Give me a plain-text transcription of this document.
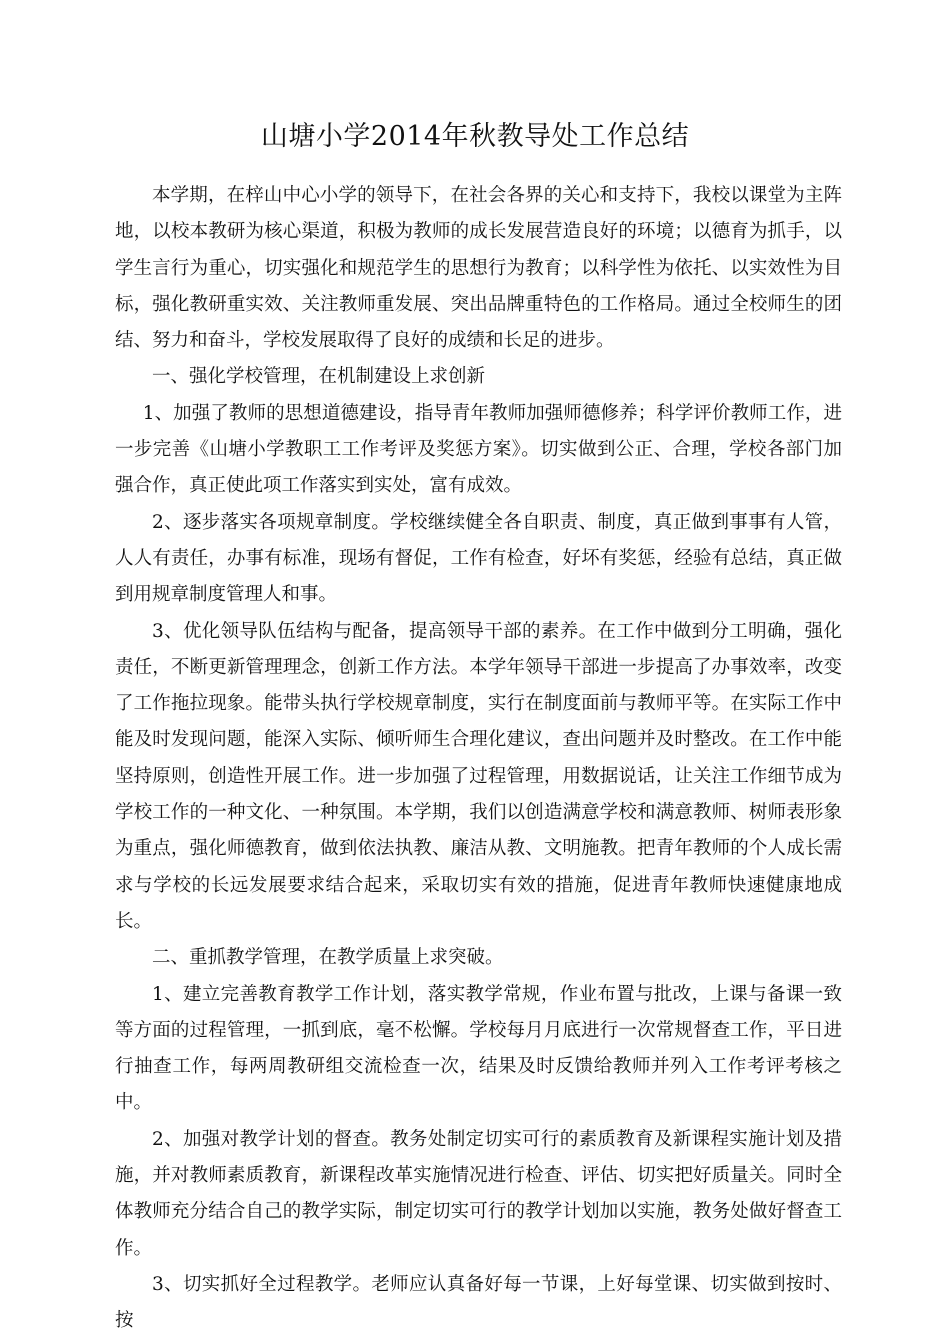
山塘小学2014年秋教导处工作总结

本学期，在梓山中心小学的领导下，在社会各界的关心和支持下，我校以课堂为主阵地，以校本教研为核心渠道，积极为教师的成长发展营造良好的环境；以德育为抓手，以学生言行为重心，切实强化和规范学生的思想行为教育；以科学性为依托、以实效性为目标，强化教研重实效、关注教师重发展、突出品牌重特色的工作格局。通过全校师生的团结、努力和奋斗，学校发展取得了良好的成绩和长足的进步。

一、强化学校管理，在机制建设上求创新

1、加强了教师的思想道德建设，指导青年教师加强师德修养；科学评价教师工作，进一步完善《山塘小学教职工工作考评及奖惩方案》。切实做到公正、合理，学校各部门加强合作，真正使此项工作落实到实处，富有成效。

2、逐步落实各项规章制度。学校继续健全各自职责、制度，真正做到事事有人管，人人有责任，办事有标准，现场有督促，工作有检查，好坏有奖惩，经验有总结，真正做到用规章制度管理人和事。

3、优化领导队伍结构与配备，提高领导干部的素养。在工作中做到分工明确，强化责任，不断更新管理理念，创新工作方法。本学年领导干部进一步提高了办事效率，改变了工作拖拉现象。能带头执行学校规章制度，实行在制度面前与教师平等。在实际工作中能及时发现问题，能深入实际、倾听师生合理化建议，查出问题并及时整改。在工作中能坚持原则，创造性开展工作。进一步加强了过程管理，用数据说话，让关注工作细节成为学校工作的一种文化、一种氛围。本学期，我们以创造满意学校和满意教师、树师表形象为重点，强化师德教育，做到依法执教、廉洁从教、文明施教。把青年教师的个人成长需求与学校的长远发展要求结合起来，采取切实有效的措施，促进青年教师快速健康地成长。

二、重抓教学管理，在教学质量上求突破。

1、建立完善教育教学工作计划，落实教学常规，作业布置与批改，上课与备课一致等方面的过程管理，一抓到底，毫不松懈。学校每月月底进行一次常规督查工作，平日进行抽查工作，每两周教研组交流检查一次，结果及时反馈给教师并列入工作考评考核之中。

2、加强对教学计划的督查。教务处制定切实可行的素质教育及新课程实施计划及措施，并对教师素质教育，新课程改革实施情况进行检查、评估、切实把好质量关。同时全体教师充分结合自己的教学实际，制定切实可行的教学计划加以实施，教务处做好督查工作。

3、切实抓好全过程教学。老师应认真备好每一节课，上好每堂课、切实做到按时、按
